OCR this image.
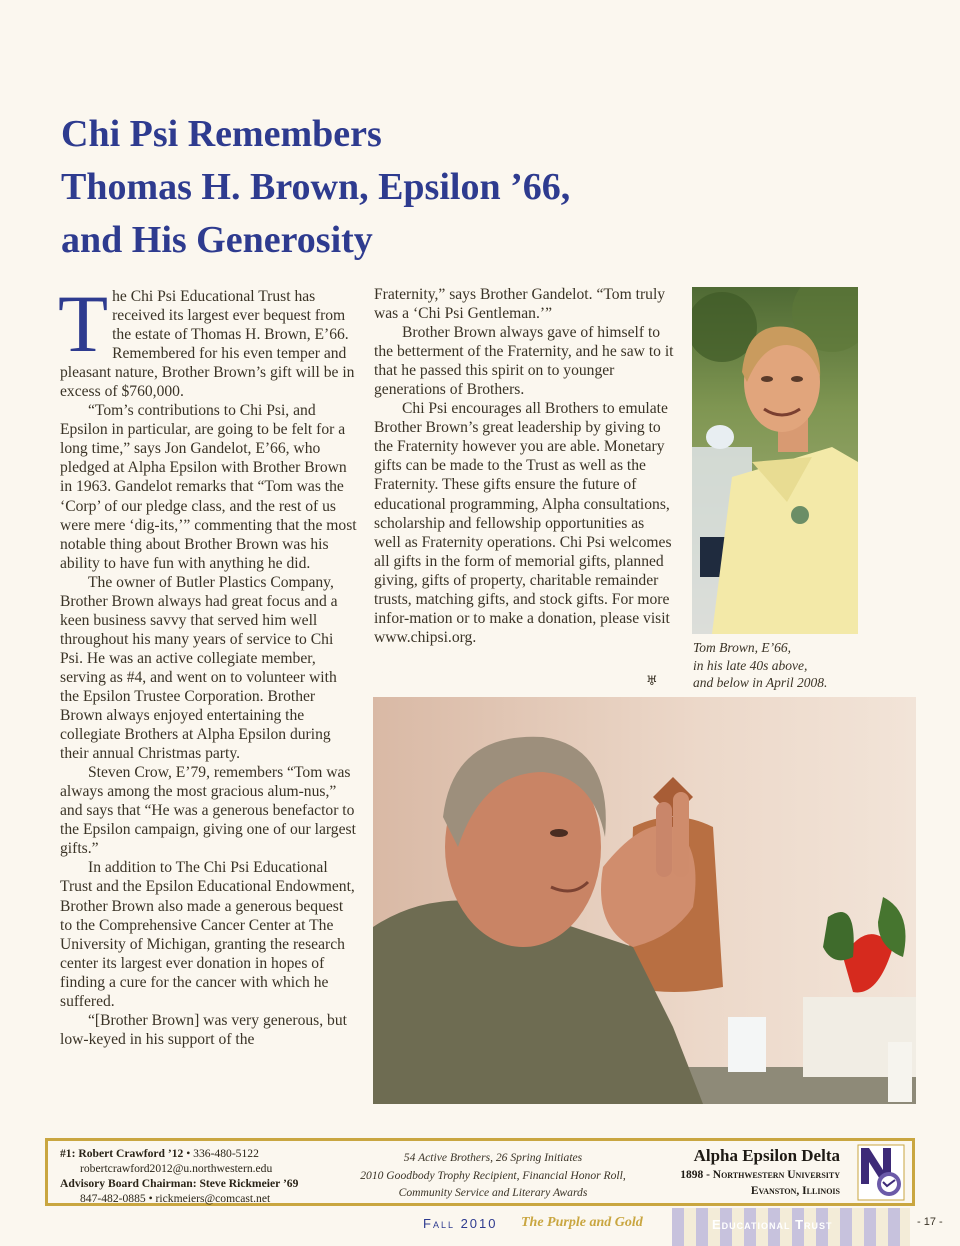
Chi Psi Remembers
Thomas H. Brown, Epsilon ’66,
and His Generosity

The Chi Psi Educational Trust has received its largest ever bequest from the estate of Thomas H. Brown, E’66. Remembered for his even temper and pleasant nature, Brother Brown’s gift will be in excess of $760,000.

“Tom’s contributions to Chi Psi, and Epsilon in particular, are going to be felt for a long time,” says Jon Gandelot, E’66, who pledged at Alpha Epsilon with Brother Brown in 1963. Gandelot remarks that “Tom was the ‘Corp’ of our pledge class, and the rest of us were mere ‘dig-its,’” commenting that the most notable thing about Brother Brown was his ability to have fun with anything he did.

The owner of Butler Plastics Company, Brother Brown always had great focus and a keen business savvy that served him well throughout his many years of service to Chi Psi. He was an active collegiate member, serving as #4, and went on to volunteer with the Epsilon Trustee Corporation. Brother Brown always enjoyed entertaining the collegiate Brothers at Alpha Epsilon during their annual Christmas party.

Steven Crow, E’79, remembers “Tom was always among the most gracious alum-nus,” and says that “He was a generous benefactor to the Epsilon campaign, giving one of our largest gifts.”

In addition to The Chi Psi Educational Trust and the Epsilon Educational Endowment, Brother Brown also made a generous bequest to the Comprehensive Cancer Center at The University of Michigan, granting the research center its largest ever donation in hopes of finding a cure for the cancer with which he suffered.

“[Brother Brown] was very generous, but low-keyed in his support of the

Fraternity,” says Brother Gandelot. “Tom truly was a ‘Chi Psi Gentleman.’”

Brother Brown always gave of himself to the betterment of the Fraternity, and he saw to it that he passed this spirit on to younger generations of Brothers.

Chi Psi encourages all Brothers to emulate Brother Brown’s great leadership by giving to the Fraternity however you are able. Monetary gifts can be made to the Trust as well as the Fraternity. These gifts ensure the future of educational programming, Alpha consultations, scholarship and fellowship opportunities as well as Fraternity operations. Chi Psi welcomes all gifts in the form of memorial gifts, planned giving, gifts of property, charitable remainder trusts, matching gifts, and stock gifts. For more infor-mation or to make a donation, please visit www.chipsi.org.

♅
Tom Brown, E’66,
in his late 40s above,
and below in April 2008.
#1: Robert Crawford ’12 • 336-480-5122
robertcrawford2012@u.northwestern.edu
Advisory Board Chairman: Steve Rickmeier ’69
847-482-0885 • rickmeiers@comcast.net
54 Active Brothers, 26 Spring Initiates
2010 Goodbody Trophy Recipient, Financial Honor Roll,
Community Service and Literary Awards
Alpha Epsilon Delta
1898 - Northwestern University
Evanston, Illinois
Fall 2010 The Purple and Gold	Educational Trust	- 17 -
